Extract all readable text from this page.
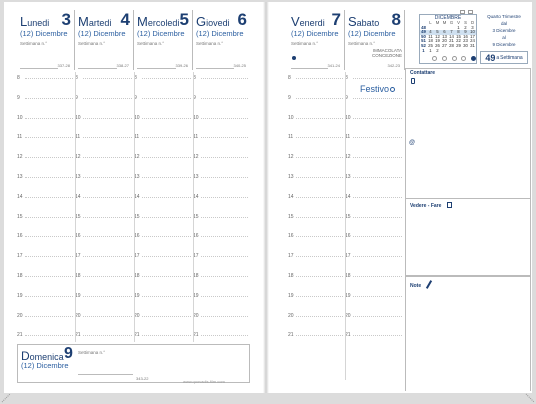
Lunedi 3
(12) Dicembre
Settimana n.°
337-28
Martedi 4
(12) Dicembre
Settimana n.°
338-27
Mercoledi 5
(12) Dicembre
Settimana n.°
339-26
Giovedi 6
(12) Dicembre
Settimana n.°
340-25
Venerdi 7
(12) Dicembre
Settimana n.°
341-24
Sabato 8
(12) Dicembre
Settimana n.°
342-23
IMMACOLATA
CONCEZIONE
Festivo
8	8	8	8
9	9	9	9
10	10	10	10
11	11	11	11
12	12	12	12
13	13	13	13
14	14	14	14
15	15	15	15
16	16	16	16
17	17	17	17
18	18	18	18
19	19	19	19
20	20	20	20
21	21	21	21
8	8
9	9
10	10
11	11
12	12
13	13
14	14
15	15
16	16
17	17
18	18
19	19
20	20
21	21
Domenica 9
(12) Dicembre
Settimana n.°
343-22
www.quovadis-film.com
DICEMBRE
	L	M	M	G	V	S	D
48					1	2	3
49	4	5	6	7	8	9	10
50	11	12	13	14	15	16	17
51	18	19	20	21	22	23	24
52	25	26	27	28	29	30	31
1	1	2					
Quarto Trimestre
dal
3 Dicembre
al
9 Dicembre
49 a Settimana
Contattare
@
Vedere - Fare
Note
